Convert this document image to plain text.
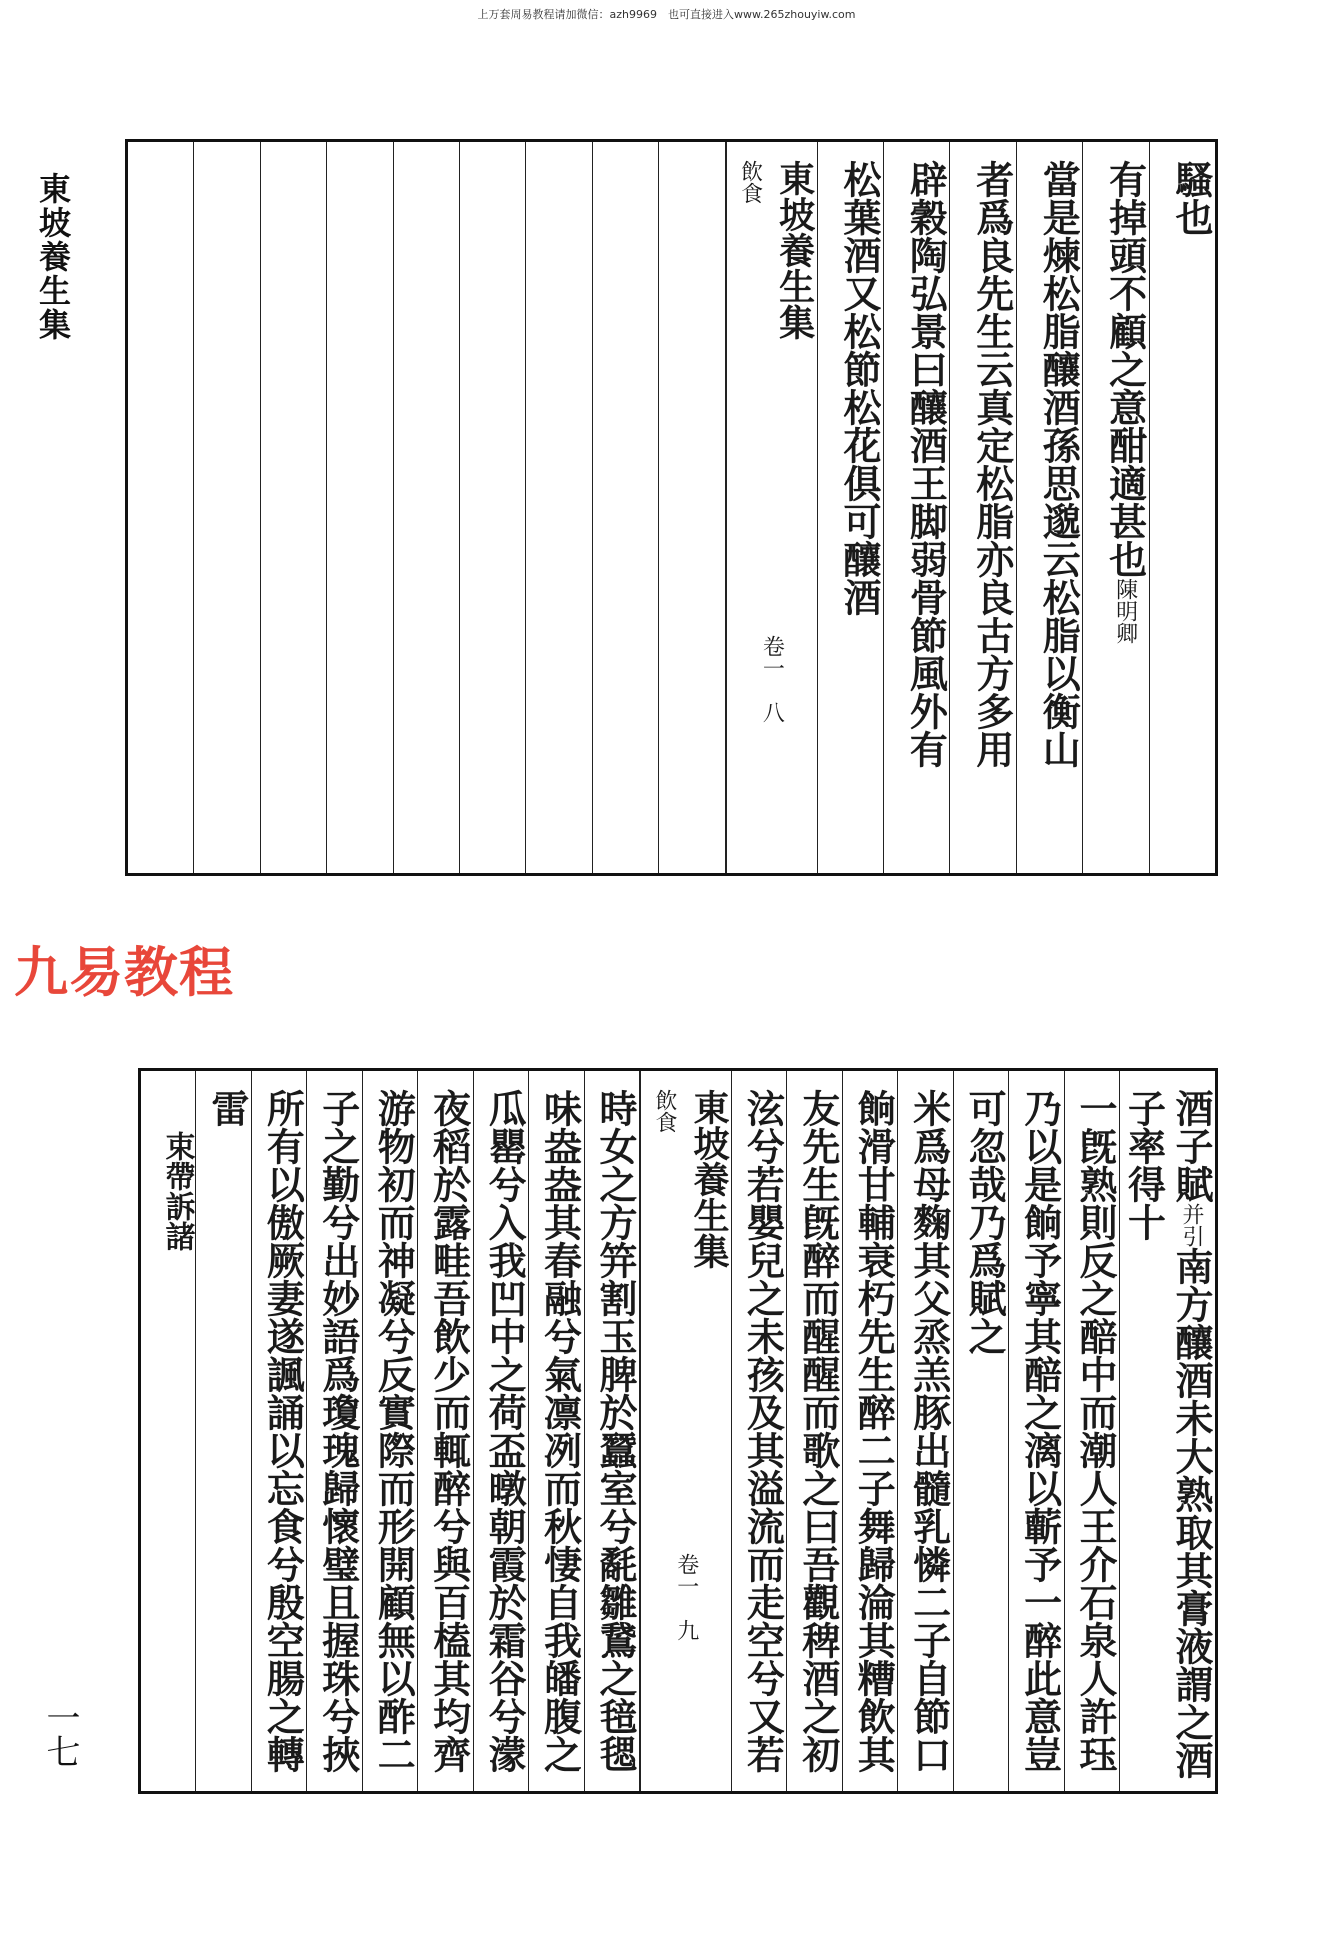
上万套周易教程请加微信：azh9969　也可直接进入www.265zhouyiw.com
東坡養生集
九易教程
一七
騷也
有掉頭不顧之意酣適甚也陳明卿
當是煉松脂釀酒孫思邈云松脂以衡山
者爲良先生云真定松脂亦良古方多用
辟穀陶弘景曰釀酒王脚弱骨節風外有
松葉酒又松節松花俱可釀酒
東坡養生集
飲食
卷一　八
酒子賦并引南方釀酒未大熟取其膏液謂之酒子率得十
一旣熟則反之醅中而潮人王介石泉人許珏
乃以是餉予寧其醅之漓以蘄予一醉此意豈
可忽哉乃爲賦之
米爲母麴其父烝羔豚出髓乳憐二子自節口
餉滑甘輔衰朽先生醉二子舞歸淪其糟飲其
友先生旣醉而醒醒而歌之曰吾觀稗酒之初
泫兮若嬰兒之未孩及其溢流而走空兮又若
東坡養生集
飲食
卷一　九
時女之方笄割玉脾於蠶室兮氄雛鵞之毰毸
味盎盎其春融兮氣凛冽而秋悽自我皤腹之
瓜罌兮入我凹中之荷盃暾朝霞於霜谷兮濛
夜稻於露畦吾飲少而輒醉兮與百榼其均齊
游物初而神凝兮反實際而形開顧無以酢二
子之勤兮出妙語爲瓊瑰歸懷璧且握珠兮挾
所有以傲厥妻遂諷誦以忘食兮殷空腸之轉
雷
束帶訴諸
